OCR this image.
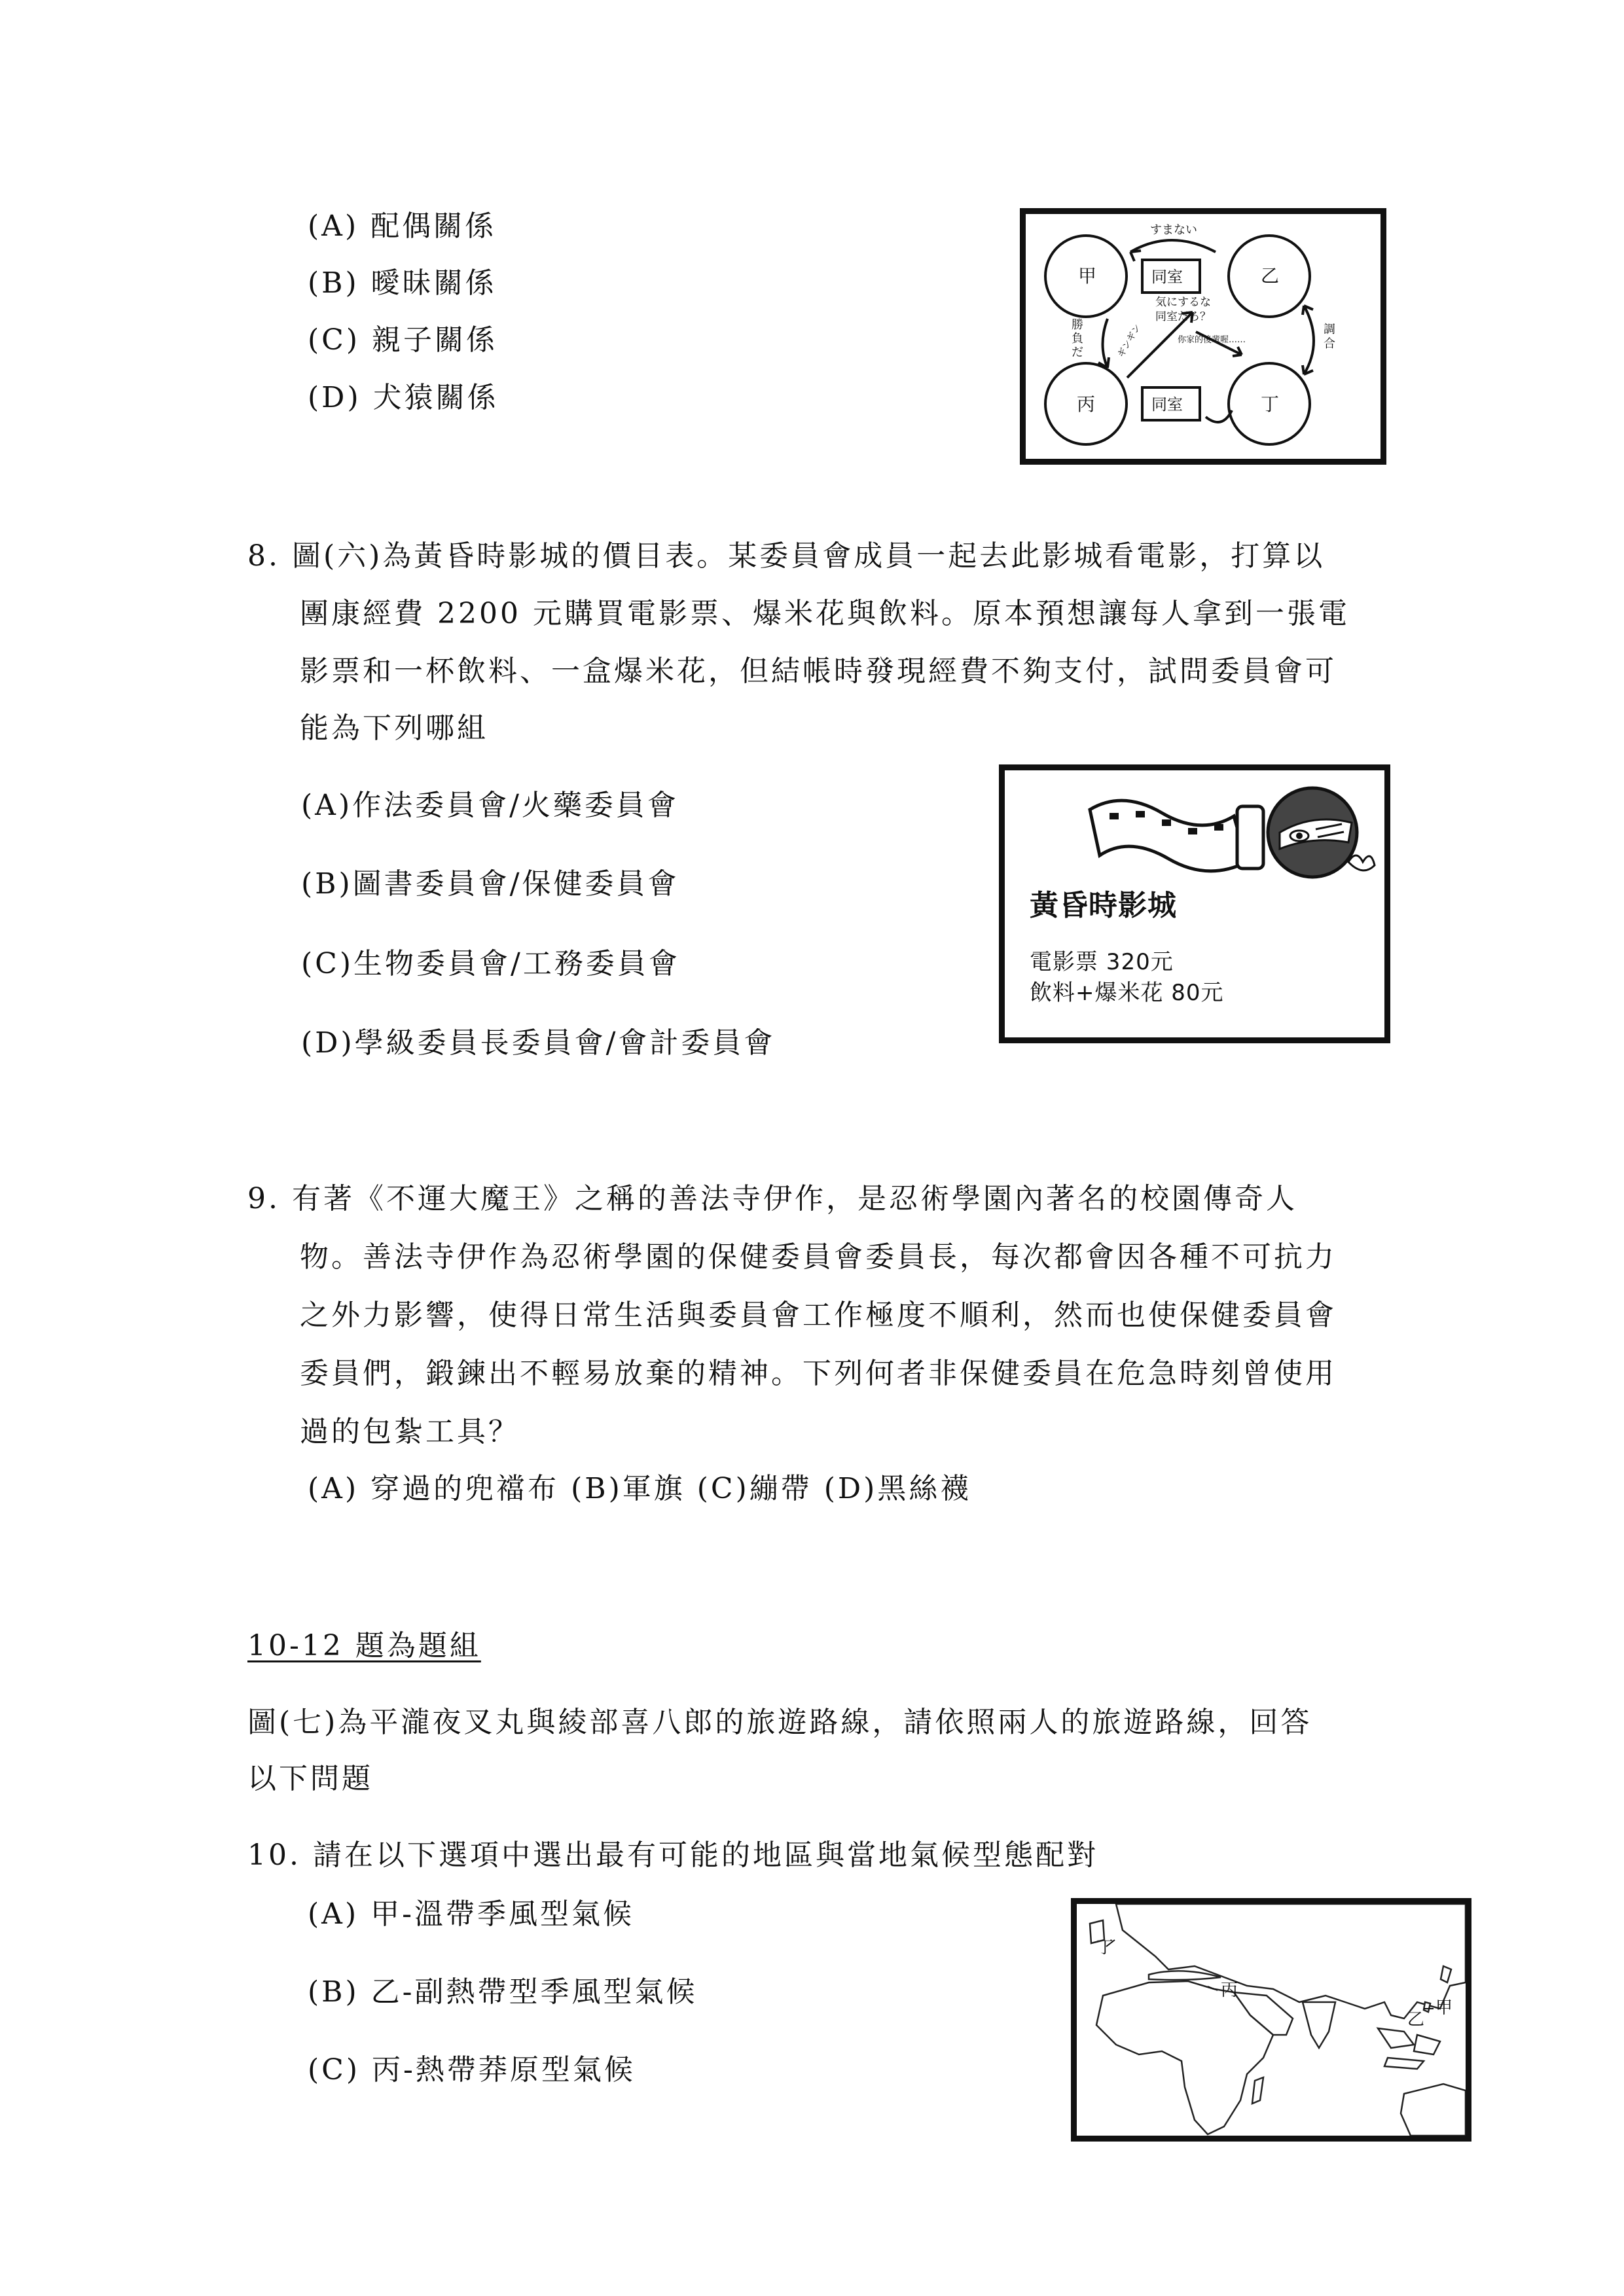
(A) 配偶關係
(B) 曖昧關係
(C) 親子關係
(D) 犬猿關係
甲	乙
丙	丁
同室
同室
すまない
気にするな
同室だろ？
你家的後輩喔……
勝
負
だ	ギンギン	調
合
8. 圖(六)為黃昏時影城的價目表。某委員會成員一起去此影城看電影，打算以
團康經費 2200 元購買電影票、爆米花與飲料。原本預想讓每人拿到一張電
影票和一杯飲料、一盒爆米花，但結帳時發現經費不夠支付，試問委員會可
能為下列哪組
(A)作法委員會/火藥委員會
(B)圖書委員會/保健委員會
(C)生物委員會/工務委員會
(D)學級委員長委員會/會計委員會
黃昏時影城
電影票 320元
飲料+爆米花 80元
9. 有著《不運大魔王》之稱的善法寺伊作，是忍術學園內著名的校園傳奇人
物。善法寺伊作為忍術學園的保健委員會委員長，每次都會因各種不可抗力
之外力影響，使得日常生活與委員會工作極度不順利，然而也使保健委員會
委員們，鍛鍊出不輕易放棄的精神。下列何者非保健委員在危急時刻曾使用
過的包紮工具？
(A) 穿過的兜襠布 (B)軍旗 (C)繃帶 (D)黑絲襪
10-12 題為題組
圖(七)為平瀧夜叉丸與綾部喜八郎的旅遊路線，請依照兩人的旅遊路線，回答
以下問題
10. 請在以下選項中選出最有可能的地區與當地氣候型態配對
(A) 甲-溫帶季風型氣候
(B) 乙-副熱帶型季風型氣候
(C) 丙-熱帶莽原型氣候
丁
丙
甲
乙
